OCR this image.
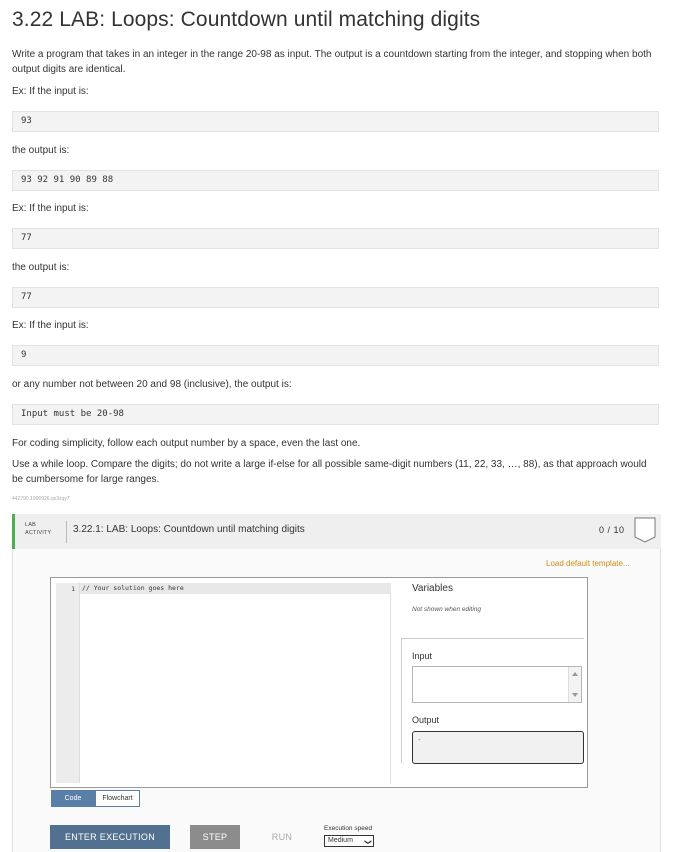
3.22 LAB: Loops: Countdown until matching digits

Write a program that takes in an integer in the range 20-98 as input. The output is a countdown starting from the integer, and stopping when both output digits are identical.

Ex: If the input is:

93

the output is:

93 92 91 90 89 88

Ex: If the input is:

77

the output is:

77

Ex: If the input is:

9

or any number not between 20 and 98 (inclusive), the output is:

Input must be 20-98

For coding simplicity, follow each output number by a space, even the last one.

Use a while loop. Compare the digits; do not write a large if-else for all possible same-digit numbers (11, 22, 33, …, 88), as that approach would be cumbersome for large ranges.

442790.1906926.qx3zqy7
LAB
ACTIVITY 3.22.1: LAB: Loops: Countdown until matching digits	0 / 10
Load default template...
1	// Your solution goes here	Variables
Not shown when editing
Input
Output
-
Code	Flowchart
ENTER EXECUTION	STEP	RUN
Execution speed
Medium ❯
